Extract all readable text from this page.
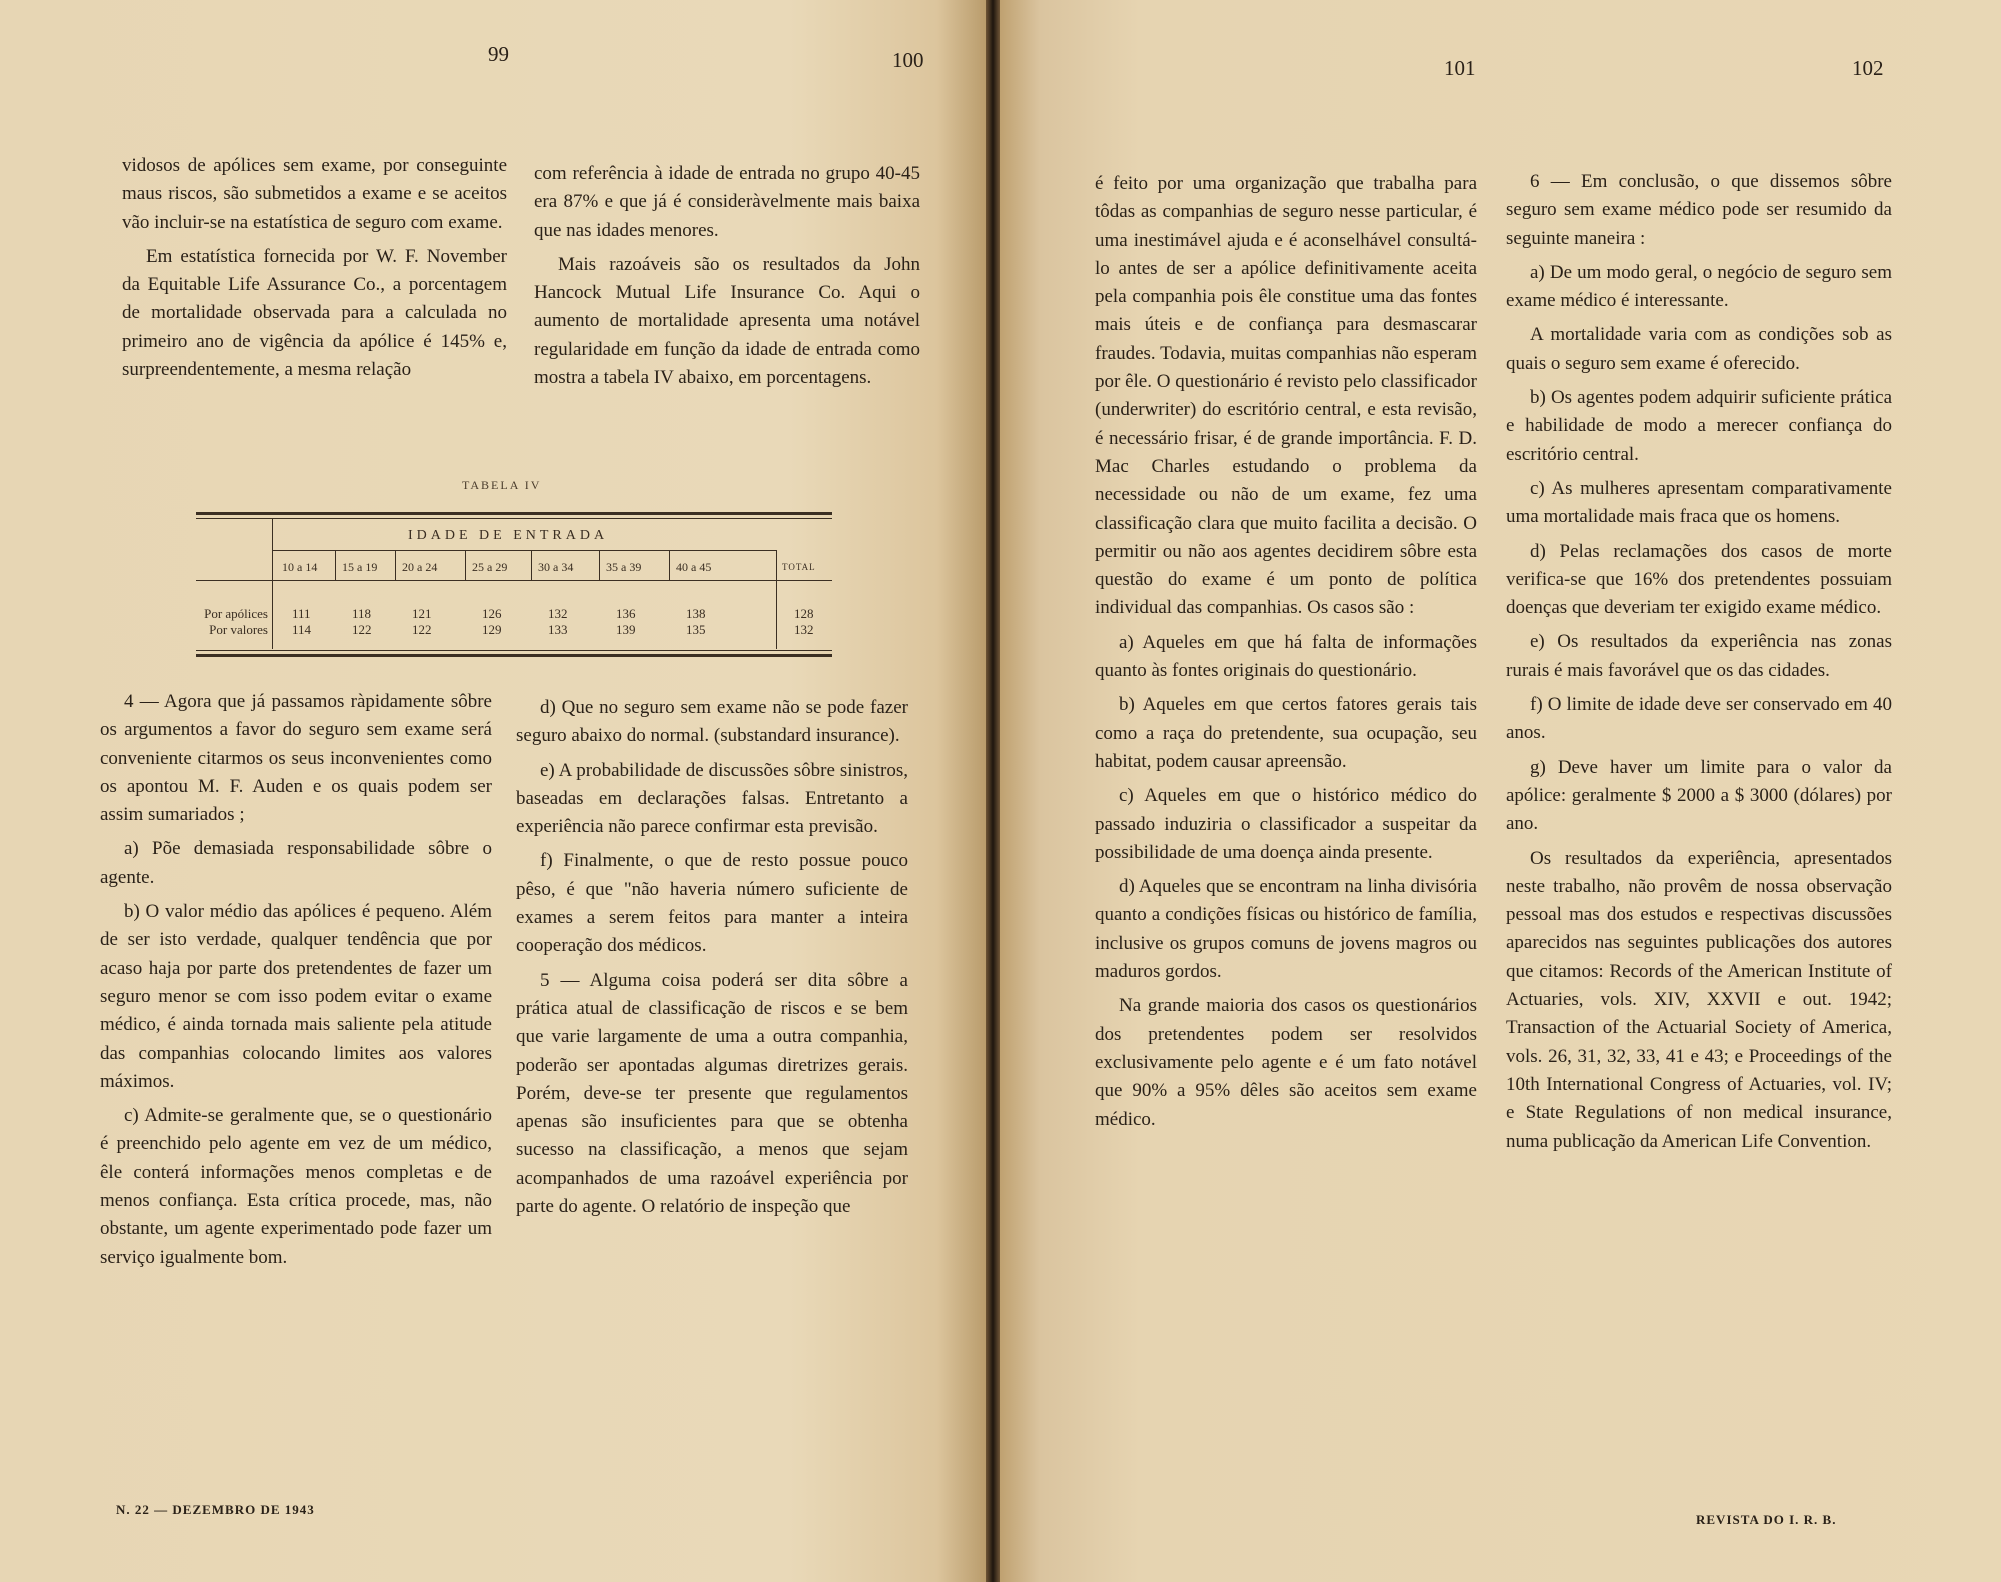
99	100

vidosos de apólices sem exame, por conseguinte maus riscos, são submetidos a exame e se aceitos vão incluir-se na estatística de seguro com exame.

Em estatística fornecida por W. F. November da Equitable Life Assurance Co., a porcentagem de mortalidade observada para a calculada no primeiro ano de vigência da apólice é 145% e, surpreendentemente, a mesma relação

com referência à idade de entrada no grupo 40-45 era 87% e que já é consideràvelmente mais baixa que nas idades menores.

Mais razoáveis são os resultados da John Hancock Mutual Life Insurance Co. Aqui o aumento de mortalidade apresenta uma notável regularidade em função da idade de entrada como mostra a tabela IV abaixo, em porcentagens.

TABELA IV
IDADE DE ENTRADA
10 a 14 15 a 19 20 a 24	25 a 29	30 a 34	35 a 39	40 a 45	TOTAL
Por apólices 111	118	121	126	132	136	138	128
Por valores 114	122	122	129	133	139	135	132

4 — Agora que já passamos ràpidamente sôbre os argumentos a favor do seguro sem exame será conveniente citarmos os seus inconvenientes como os apontou M. F. Auden e os quais podem ser assim sumariados ;

a) Põe demasiada responsabilidade sôbre o agente.

b) O valor médio das apólices é pequeno. Além de ser isto verdade, qualquer tendência que por acaso haja por parte dos pretendentes de fazer um seguro menor se com isso podem evitar o exame médico, é ainda tornada mais saliente pela atitude das companhias colocando limites aos valores máximos.

c) Admite-se geralmente que, se o questionário é preenchido pelo agente em vez de um médico, êle conterá informações menos completas e de menos confiança. Esta crítica procede, mas, não obstante, um agente experimentado pode fazer um serviço igualmente bom.

d) Que no seguro sem exame não se pode fazer seguro abaixo do normal. (substandard insurance).

e) A probabilidade de discussões sôbre sinistros, baseadas em declarações falsas. Entretanto a experiência não parece confirmar esta previsão.

f) Finalmente, o que de resto possue pouco pêso, é que "não haveria número suficiente de exames a serem feitos para manter a inteira cooperação dos médicos.

5 — Alguma coisa poderá ser dita sôbre a prática atual de classificação de riscos e se bem que varie largamente de uma a outra companhia, poderão ser apontadas algumas diretrizes gerais. Porém, deve-se ter presente que regulamentos apenas são insuficientes para que se obtenha sucesso na classificação, a menos que sejam acompanhados de uma razoável experiência por parte do agente. O relatório de inspeção que

N. 22 — DEZEMBRO DE 1943
101	102

é feito por uma organização que trabalha para tôdas as companhias de seguro nesse particular, é uma inestimável ajuda e é aconselhável consultá-lo antes de ser a apólice definitivamente aceita pela companhia pois êle constitue uma das fontes mais úteis e de confiança para desmascarar fraudes. Todavia, muitas companhias não esperam por êle. O questionário é revisto pelo classificador (underwriter) do escritório central, e esta revisão, é necessário frisar, é de grande importância. F. D. Mac Charles estudando o problema da necessidade ou não de um exame, fez uma classificação clara que muito facilita a decisão. O permitir ou não aos agentes decidirem sôbre esta questão do exame é um ponto de política individual das companhias. Os casos são :

a) Aqueles em que há falta de informações quanto às fontes originais do questionário.

b) Aqueles em que certos fatores gerais tais como a raça do pretendente, sua ocupação, seu habitat, podem causar apreensão.

c) Aqueles em que o histórico médico do passado induziria o classificador a suspeitar da possibilidade de uma doença ainda presente.

d) Aqueles que se encontram na linha divisória quanto a condições físicas ou histórico de família, inclusive os grupos comuns de jovens magros ou maduros gordos.

Na grande maioria dos casos os questionários dos pretendentes podem ser resolvidos exclusivamente pelo agente e é um fato notável que 90% a 95% dêles são aceitos sem exame médico.

6 — Em conclusão, o que dissemos sôbre seguro sem exame médico pode ser resumido da seguinte maneira :

a) De um modo geral, o negócio de seguro sem exame médico é interessante.

A mortalidade varia com as condições sob as quais o seguro sem exame é oferecido.

b) Os agentes podem adquirir suficiente prática e habilidade de modo a merecer confiança do escritório central.

c) As mulheres apresentam comparativamente uma mortalidade mais fraca que os homens.

d) Pelas reclamações dos casos de morte verifica-se que 16% dos pretendentes possuiam doenças que deveriam ter exigido exame médico.

e) Os resultados da experiência nas zonas rurais é mais favorável que os das cidades.

f) O limite de idade deve ser conservado em 40 anos.

g) Deve haver um limite para o valor da apólice: geralmente $ 2000 a $ 3000 (dólares) por ano.

Os resultados da experiência, apresentados neste trabalho, não provêm de nossa observação pessoal mas dos estudos e respectivas discussões aparecidos nas seguintes publicações dos autores que citamos: Records of the American Institute of Actuaries, vols. XIV, XXVII e out. 1942; Transaction of the Actuarial Society of America, vols. 26, 31, 32, 33, 41 e 43; e Proceedings of the 10th International Congress of Actuaries, vol. IV; e State Regulations of non medical insurance, numa publicação da American Life Convention.

REVISTA DO I. R. B.
